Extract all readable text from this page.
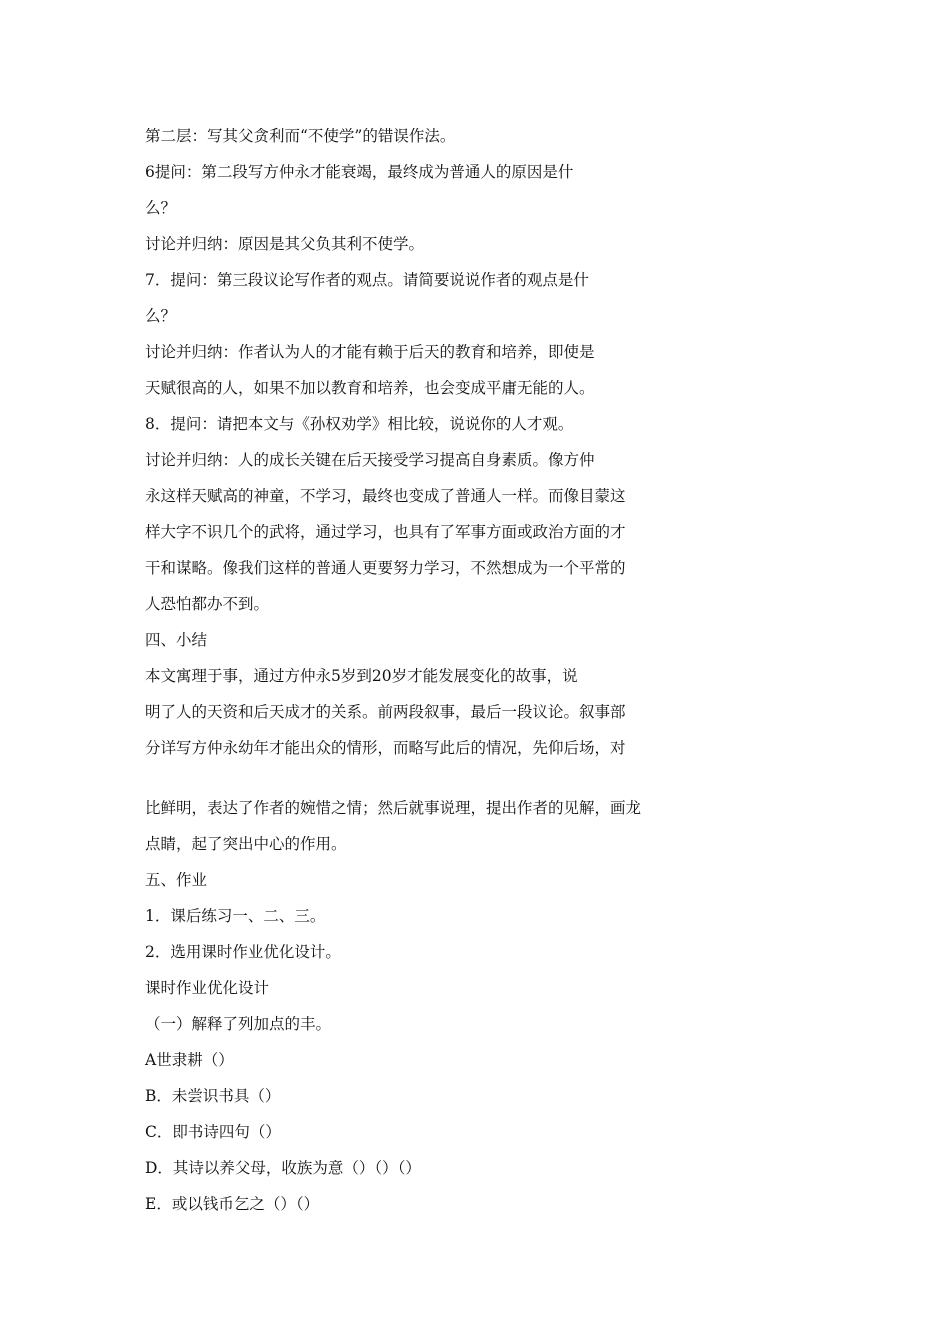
第二层：写其父贪利而“不使学”的错误作法。

6提问：第二段写方仲永才能衰竭，最终成为普通人的原因是什

么？

讨论并归纳：原因是其父负其利不使学。

7．提问：第三段议论写作者的观点。请简要说说作者的观点是什

么？

讨论并归纳：作者认为人的才能有赖于后天的教育和培养，即使是

天赋很高的人，如果不加以教育和培养，也会变成平庸无能的人。

8．提问：请把本文与《孙权劝学》相比较，说说你的人才观。

讨论并归纳：人的成长关键在后天接受学习提高自身素质。像方仲

永这样天赋高的神童，不学习，最终也变成了普通人一样。而像目蒙这

样大字不识几个的武将，通过学习，也具有了军事方面或政治方面的才

干和谋略。像我们这样的普通人更要努力学习，不然想成为一个平常的

人恐怕都办不到。

四、小结

本文寓理于事，通过方仲永5岁到20岁才能发展变化的故事，说

明了人的天资和后天成才的关系。前两段叙事，最后一段议论。叙事部

分详写方仲永幼年才能出众的情形，而略写此后的情况，先仰后场，对

比鲜明，表达了作者的婉惜之情；然后就事说理，提出作者的见解，画龙

点睛，起了突出中心的作用。

五、作业

1．课后练习一、二、三。

2．选用课时作业优化设计。

课时作业优化设计

（一）解释了列加点的丰。

A世隶耕（）

B．未尝识书具（）

C．即书诗四句（）

D．其诗以养父母，收族为意（）（）（）

E．或以钱币乞之（）（）
